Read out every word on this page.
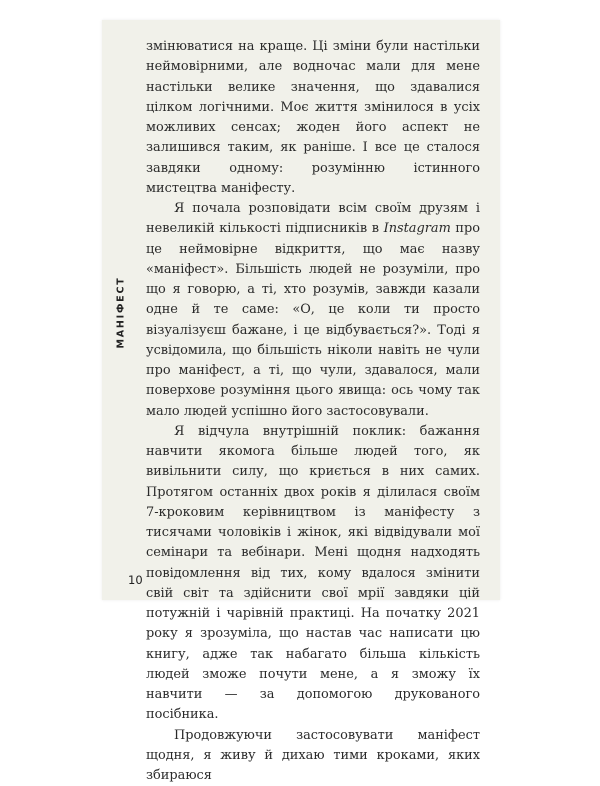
МАНІФЕСТ

змінюватися на краще. Ці зміни були настільки неймовірними, але водночас мали для мене настільки велике значення, що здавалися цілком логічними. Моє життя змінилося в усіх можливих сенсах; жоден його аспект не залишився таким, як раніше. І все це сталося завдяки одному: розумінню істинного мистецтва маніфесту.

Я почала розповідати всім своїм друзям і невеликій кількості підписників в Instagram про це неймовірне відкриття, що має назву «маніфест». Більшість людей не розуміли, про що я говорю, а ті, хто розумів, завжди казали одне й те саме: «О, це коли ти просто візуалізуєш бажане, і це відбувається?». Тоді я усвідомила, що більшість ніколи навіть не чули про маніфест, а ті, що чули, здавалося, мали поверхове розуміння цього явища: ось чому так мало людей успішно його застосовували.

Я відчула внутрішній поклик: бажання навчити якомога більше людей того, як вивільнити силу, що криється в них самих. Протягом останніх двох років я ділилася своїм 7-кроковим керівництвом із маніфесту з тисячами чоловіків і жінок, які відвідували мої семінари та вебінари. Мені щодня надходять повідомлення від тих, кому вдалося змінити свій світ та здійснити свої мрії завдяки цій потужній і чарівній практиці. На початку 2021 року я зрозуміла, що настав час написати цю книгу, адже так набагато більша кількість людей зможе почути мене, а я зможу їх навчити — за допомогою друкованого посібника.

Продовжуючи застосовувати маніфест щодня, я живу й дихаю тими кроками, яких збираюся

10
